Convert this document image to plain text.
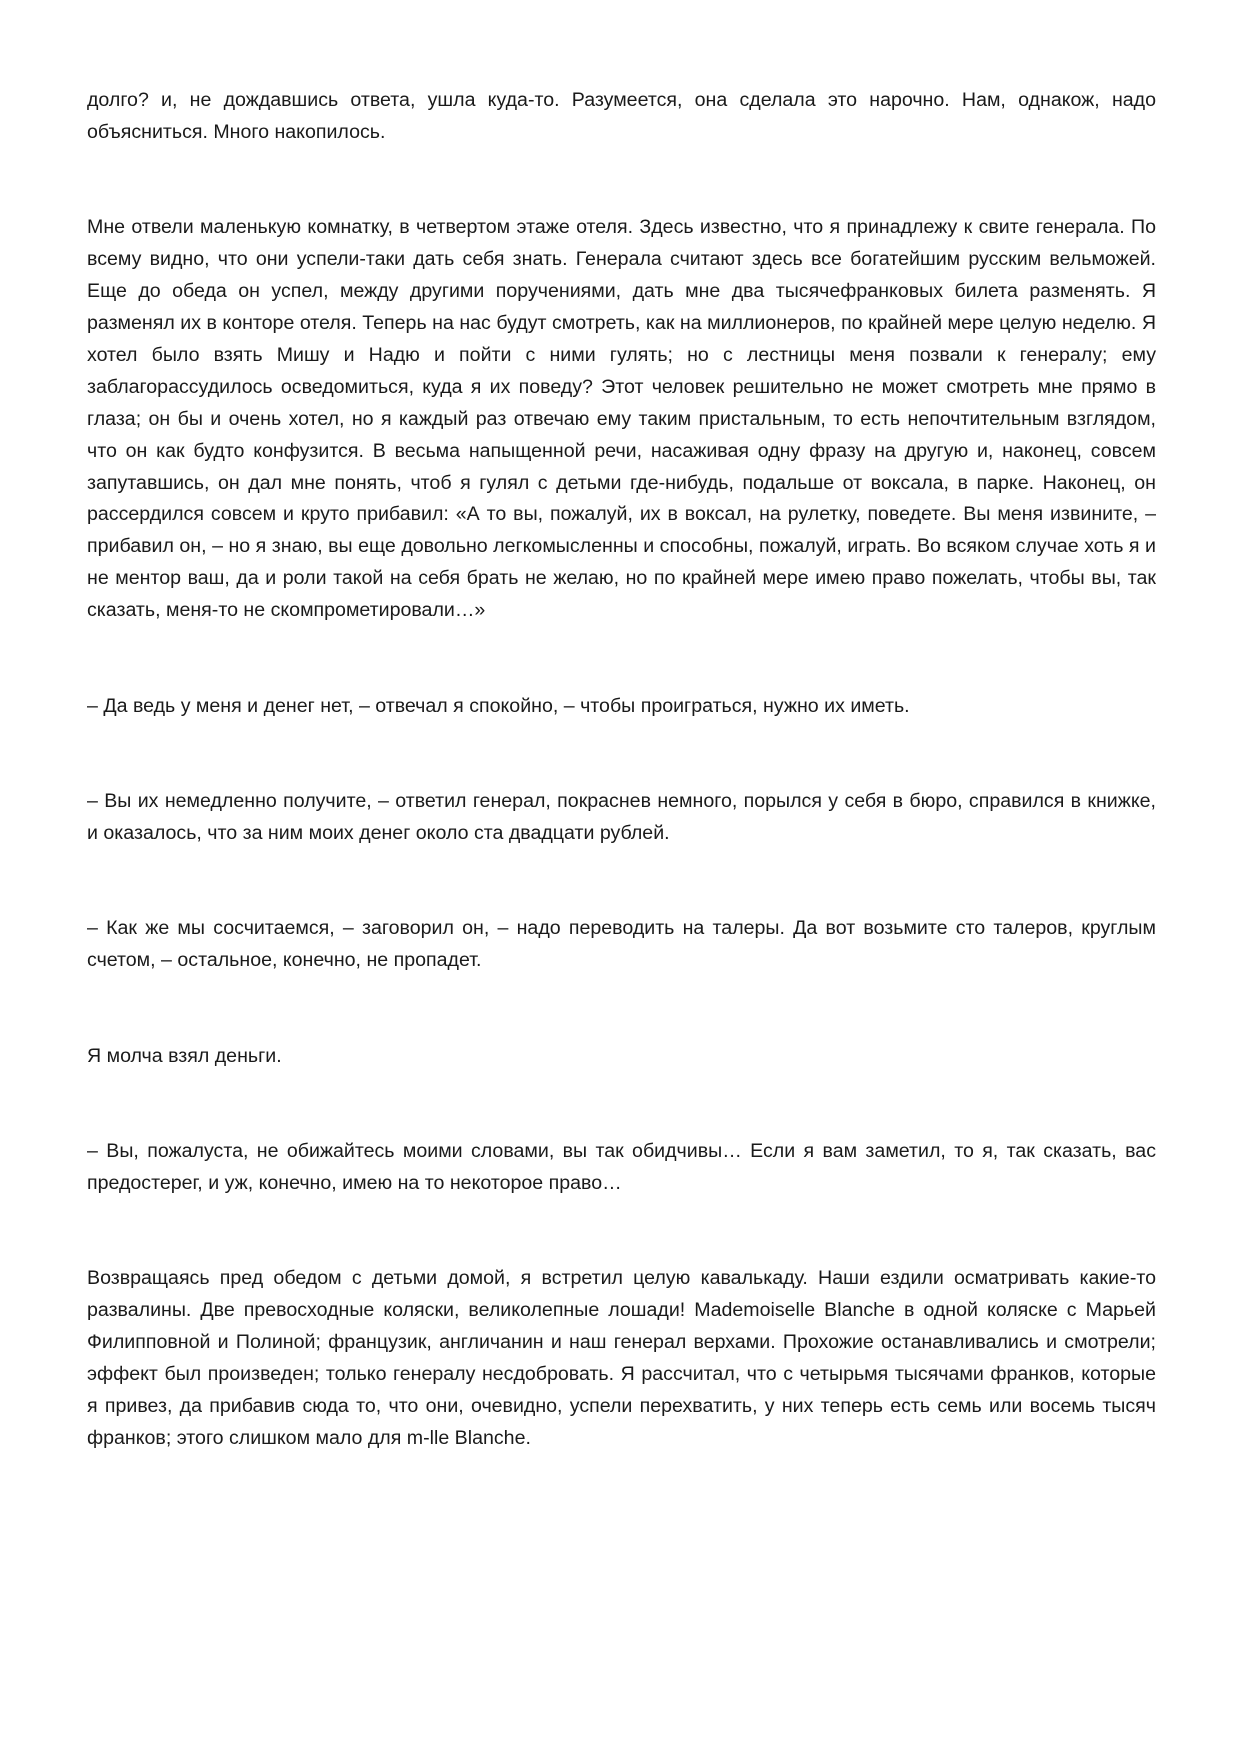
долго? и, не дождавшись ответа, ушла куда-то. Разумеется, она сделала это нарочно. Нам, однакож, надо объясниться. Много накопилось.

Мне отвели маленькую комнатку, в четвертом этаже отеля. Здесь известно, что я принадлежу к свите генерала. По всему видно, что они успели-таки дать себя знать. Генерала считают здесь все богатейшим русским вельможей. Еще до обеда он успел, между другими поручениями, дать мне два тысячефранковых билета разменять. Я разменял их в конторе отеля. Теперь на нас будут смотреть, как на миллионеров, по крайней мере целую неделю. Я хотел было взять Мишу и Надю и пойти с ними гулять; но с лестницы меня позвали к генералу; ему заблагорассудилось осведомиться, куда я их поведу? Этот человек решительно не может смотреть мне прямо в глаза; он бы и очень хотел, но я каждый раз отвечаю ему таким пристальным, то есть непочтительным взглядом, что он как будто конфузится. В весьма напыщенной речи, насаживая одну фразу на другую и, наконец, совсем запутавшись, он дал мне понять, чтоб я гулял с детьми где-нибудь, подальше от воксала, в парке. Наконец, он рассердился совсем и круто прибавил: «А то вы, пожалуй, их в воксал, на рулетку, поведете. Вы меня извините, – прибавил он, – но я знаю, вы еще довольно легкомысленны и способны, пожалуй, играть. Во всяком случае хоть я и не ментор ваш, да и роли такой на себя брать не желаю, но по крайней мере имею право пожелать, чтобы вы, так сказать, меня-то не скомпрометировали…»

– Да ведь у меня и денег нет, – отвечал я спокойно, – чтобы проиграться, нужно их иметь.

– Вы их немедленно получите, – ответил генерал, покраснев немного, порылся у себя в бюро, справился в книжке, и оказалось, что за ним моих денег около ста двадцати рублей.

– Как же мы сосчитаемся, – заговорил он, – надо переводить на талеры. Да вот возьмите сто талеров, круглым счетом, – остальное, конечно, не пропадет.

Я молча взял деньги.

– Вы, пожалуста, не обижайтесь моими словами, вы так обидчивы… Если я вам заметил, то я, так сказать, вас предостерег, и уж, конечно, имею на то некоторое право…

Возвращаясь пред обедом с детьми домой, я встретил целую кавалькаду. Наши ездили осматривать какие-то развалины. Две превосходные коляски, великолепные лошади! Mademoiselle Blanche в одной коляске с Марьей Филипповной и Полиной; французик, англичанин и наш генерал верхами. Прохожие останавливались и смотрели; эффект был произведен; только генералу несдобровать. Я рассчитал, что с четырьмя тысячами франков, которые я привез, да прибавив сюда то, что они, очевидно, успели перехватить, у них теперь есть семь или восемь тысяч франков; этого слишком мало для m-lle Blanche.
